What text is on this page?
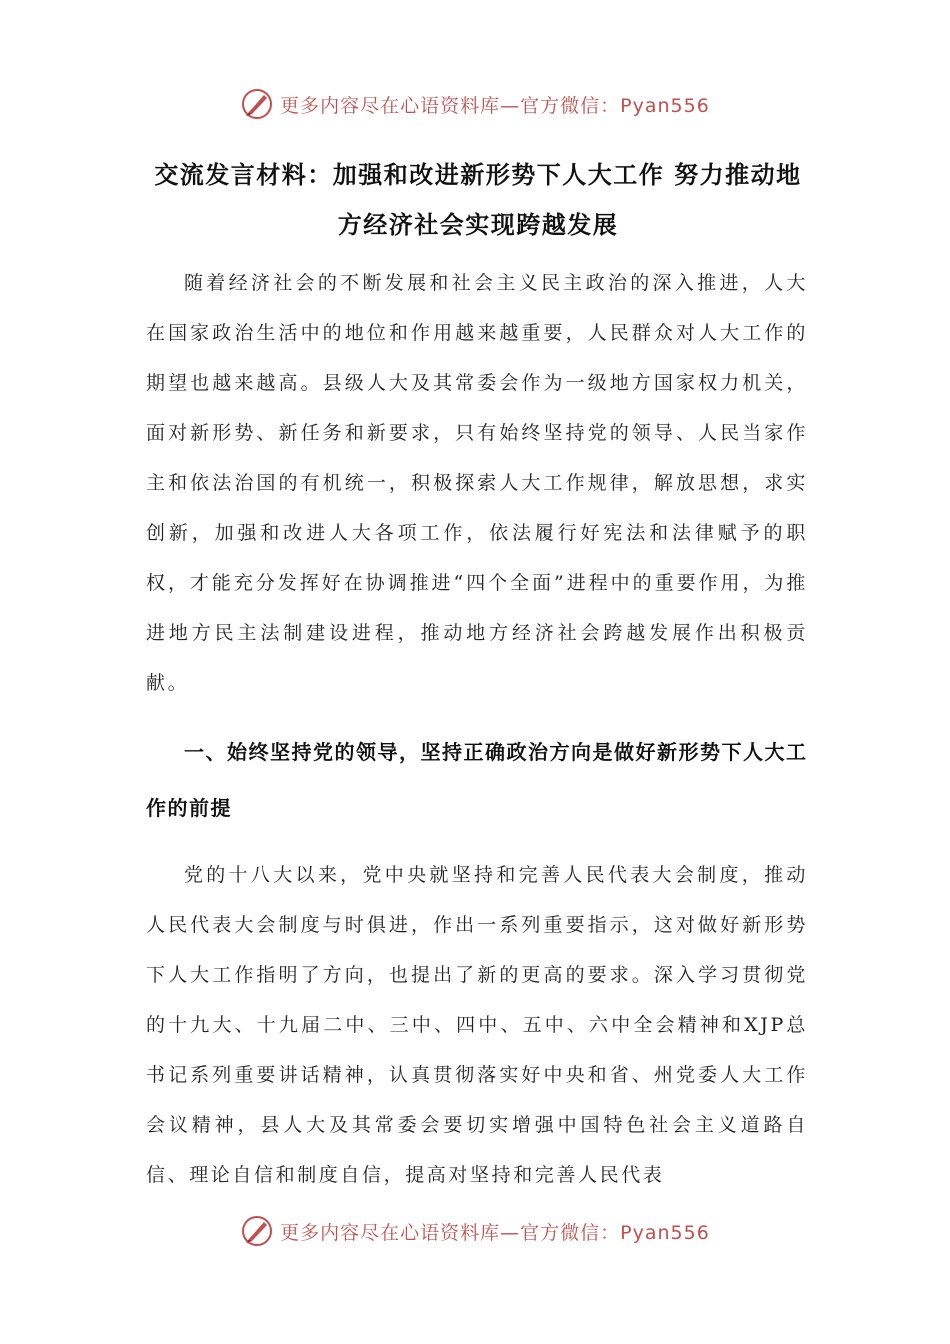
更多内容尽在心语资料库—官方微信：Pyan556
交流发言材料：加强和改进新形势下人大工作 努力推动地方经济社会实现跨越发展

随着经济社会的不断发展和社会主义民主政治的深入推进，人大在国家政治生活中的地位和作用越来越重要，人民群众对人大工作的期望也越来越高。县级人大及其常委会作为一级地方国家权力机关，面对新形势、新任务和新要求，只有始终坚持党的领导、人民当家作主和依法治国的有机统一，积极探索人大工作规律，解放思想，求实创新，加强和改进人大各项工作，依法履行好宪法和法律赋予的职权，才能充分发挥好在协调推进“四个全面”进程中的重要作用，为推进地方民主法制建设进程，推动地方经济社会跨越发展作出积极贡献。

一、始终坚持党的领导，坚持正确政治方向是做好新形势下人大工作的前提

党的十八大以来，党中央就坚持和完善人民代表大会制度，推动人民代表大会制度与时俱进，作出一系列重要指示，这对做好新形势下人大工作指明了方向，也提出了新的更高的要求。深入学习贯彻党的十九大、十九届二中、三中、四中、五中、六中全会精神和XJP总书记系列重要讲话精神，认真贯彻落实好中央和省、州党委人大工作会议精神，县人大及其常委会要切实增强中国特色社会主义道路自信、理论自信和制度自信，提高对坚持和完善人民代表

更多内容尽在心语资料库—官方微信：Pyan556
